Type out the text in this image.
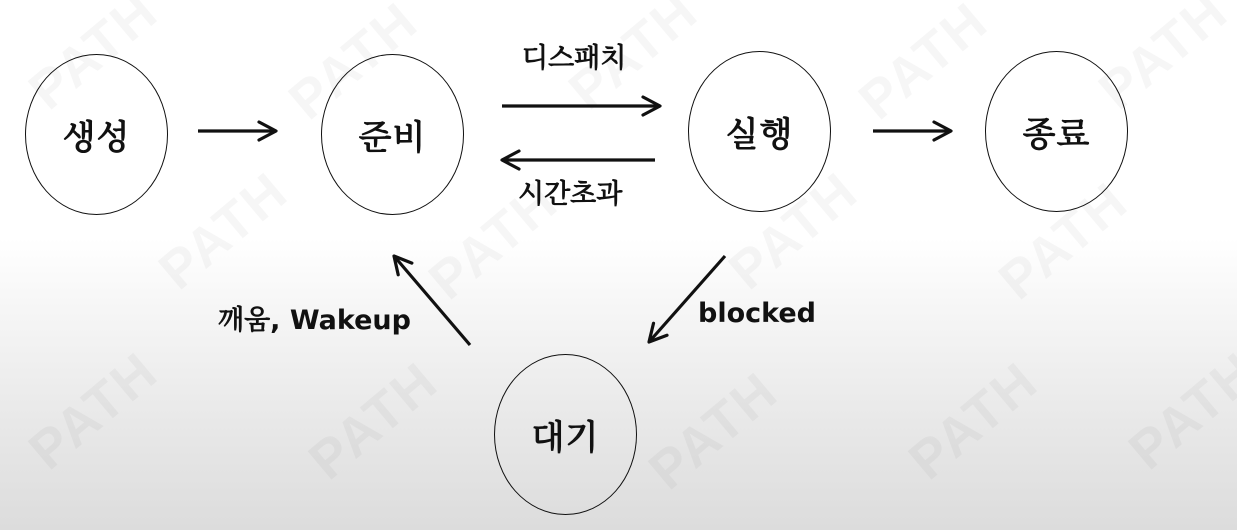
생성	준비	실행	종료
대기
디스패치
시간초과
깨움, Wakeup	blocked
